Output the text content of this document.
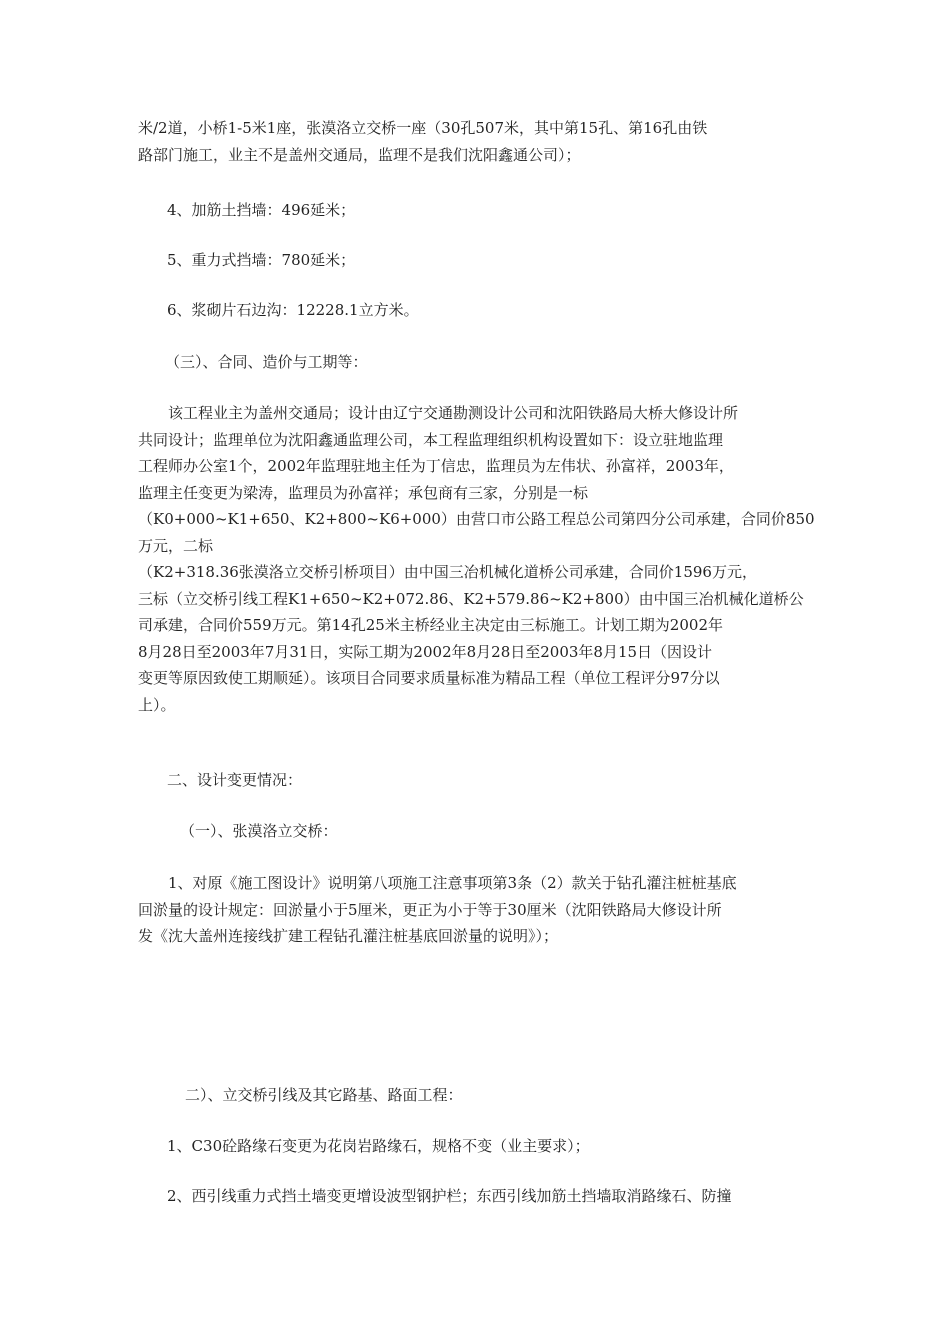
米/2道，小桥1-5米1座，张漠洛立交桥一座（30孔507米，其中第15孔、第16孔由铁
路部门施工，业主不是盖州交通局，监理不是我们沈阳鑫通公司）；

4、加筋土挡墙：496延米；

5、重力式挡墙：780延米；

6、浆砌片石边沟：12228.1立方米。

（三）、合同、造价与工期等：

该工程业主为盖州交通局；设计由辽宁交通勘测设计公司和沈阳铁路局大桥大修设计所
共同设计；监理单位为沈阳鑫通监理公司，本工程监理组织机构设置如下：设立驻地监理
工程师办公室1个，2002年监理驻地主任为丁信忠，监理员为左伟状、孙富祥，2003年，
监理主任变更为梁涛，监理员为孙富祥；承包商有三家，分别是一标
（K0+000~K1+650、K2+800~K6+000）由营口市公路工程总公司第四分公司承建，合同价850
万元，二标
（K2+318.36张漠洛立交桥引桥项目）由中国三冶机械化道桥公司承建，合同价1596万元，
三标（立交桥引线工程K1+650~K2+072.86、K2+579.86~K2+800）由中国三冶机械化道桥公
司承建，合同价559万元。第14孔25米主桥经业主决定由三标施工。计划工期为2002年
8月28日至2003年7月31日，实际工期为2002年8月28日至2003年8月15日（因设计
变更等原因致使工期顺延）。该项目合同要求质量标准为精品工程（单位工程评分97分以
上）。

二、设计变更情况：

（一）、张漠洛立交桥：

1、对原《施工图设计》说明第八项施工注意事项第3条（2）款关于钻孔灌注桩桩基底
回淤量的设计规定：回淤量小于5厘米，更正为小于等于30厘米（沈阳铁路局大修设计所
发《沈大盖州连接线扩建工程钻孔灌注桩基底回淤量的说明》）；

二）、立交桥引线及其它路基、路面工程：

1、C30砼路缘石变更为花岗岩路缘石，规格不变（业主要求）；

2、西引线重力式挡土墙变更增设波型钢护栏；东西引线加筋土挡墙取消路缘石、防撞
